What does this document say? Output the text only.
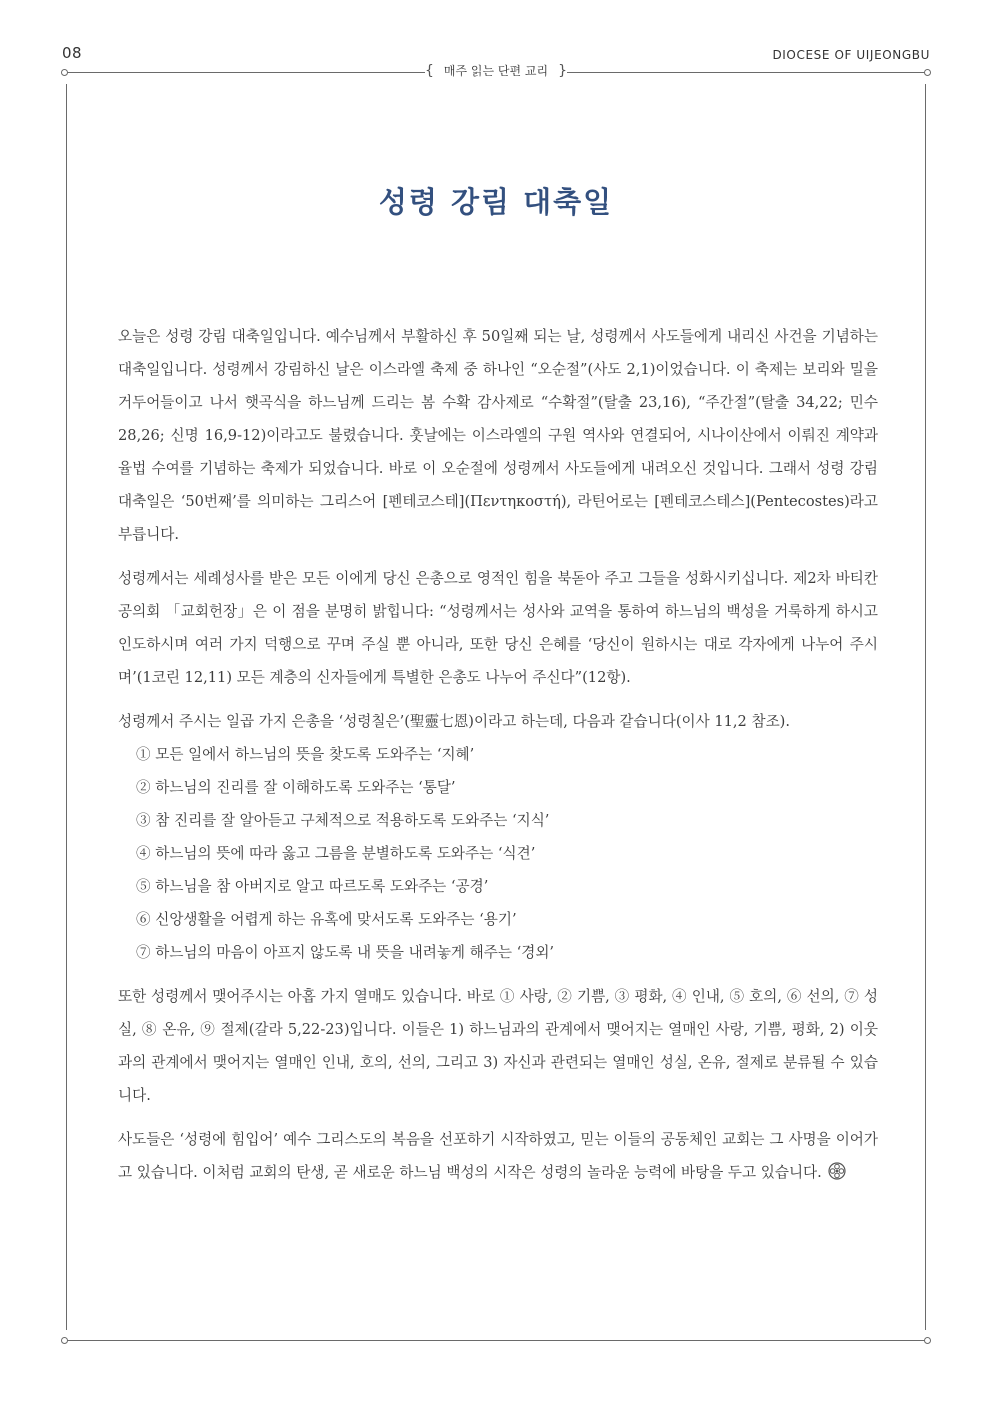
08	DIOCESE OF UIJEONGBU
{ 매주 읽는 단편 교리 }
성령 강림 대축일

오늘은 성령 강림 대축일입니다. 예수님께서 부활하신 후 50일째 되는 날, 성령께서 사도들에게 내리신 사건을 기념하는 대축일입니다. 성령께서 강림하신 날은 이스라엘 축제 중 하나인 “오순절”(사도 2,1)이었습니다. 이 축제는 보리와 밀을 거두어들이고 나서 햇곡식을 하느님께 드리는 봄 수확 감사제로 “수확절”(탈출 23,16), “주간절”(탈출 34,22; 민수 28,26; 신명 16,9-12)이라고도 불렸습니다. 훗날에는 이스라엘의 구원 역사와 연결되어, 시나이산에서 이뤄진 계약과 율법 수여를 기념하는 축제가 되었습니다. 바로 이 오순절에 성령께서 사도들에게 내려오신 것입니다. 그래서 성령 강림 대축일은 ‘50번째’를 의미하는 그리스어 [펜테코스테](Πεντηκοστή), 라틴어로는 [펜테코스테스](Pentecostes)라고 부릅니다.

성령께서는 세례성사를 받은 모든 이에게 당신 은총으로 영적인 힘을 북돋아 주고 그들을 성화시키십니다. 제2차 바티칸 공의회 「교회헌장」은 이 점을 분명히 밝힙니다: “성령께서는 성사와 교역을 통하여 하느님의 백성을 거룩하게 하시고 인도하시며 여러 가지 덕행으로 꾸며 주실 뿐 아니라, 또한 당신 은혜를 ‘당신이 원하시는 대로 각자에게 나누어 주시며’(1코린 12,11) 모든 계층의 신자들에게 특별한 은총도 나누어 주신다”(12항).

성령께서 주시는 일곱 가지 은총을 ‘성령칠은’(聖靈七恩)이라고 하는데, 다음과 같습니다(이사 11,2 참조).

① 모든 일에서 하느님의 뜻을 찾도록 도와주는 ‘지혜’
② 하느님의 진리를 잘 이해하도록 도와주는 ‘통달’
③ 참 진리를 잘 알아듣고 구체적으로 적용하도록 도와주는 ‘지식’
④ 하느님의 뜻에 따라 옳고 그름을 분별하도록 도와주는 ‘식견’
⑤ 하느님을 참 아버지로 알고 따르도록 도와주는 ‘공경’
⑥ 신앙생활을 어렵게 하는 유혹에 맞서도록 도와주는 ‘용기’
⑦ 하느님의 마음이 아프지 않도록 내 뜻을 내려놓게 해주는 ‘경외’

또한 성령께서 맺어주시는 아홉 가지 열매도 있습니다. 바로 ① 사랑, ② 기쁨, ③ 평화, ④ 인내, ⑤ 호의, ⑥ 선의, ⑦ 성실, ⑧ 온유, ⑨ 절제(갈라 5,22-23)입니다. 이들은 1) 하느님과의 관계에서 맺어지는 열매인 사랑, 기쁨, 평화, 2) 이웃과의 관계에서 맺어지는 열매인 인내, 호의, 선의, 그리고 3) 자신과 관련되는 열매인 성실, 온유, 절제로 분류될 수 있습니다.

사도들은 ‘성령에 힘입어’ 예수 그리스도의 복음을 선포하기 시작하였고, 믿는 이들의 공동체인 교회는 그 사명을 이어가고 있습니다. 이처럼 교회의 탄생, 곧 새로운 하느님 백성의 시작은 성령의 놀라운 능력에 바탕을 두고 있습니다.
